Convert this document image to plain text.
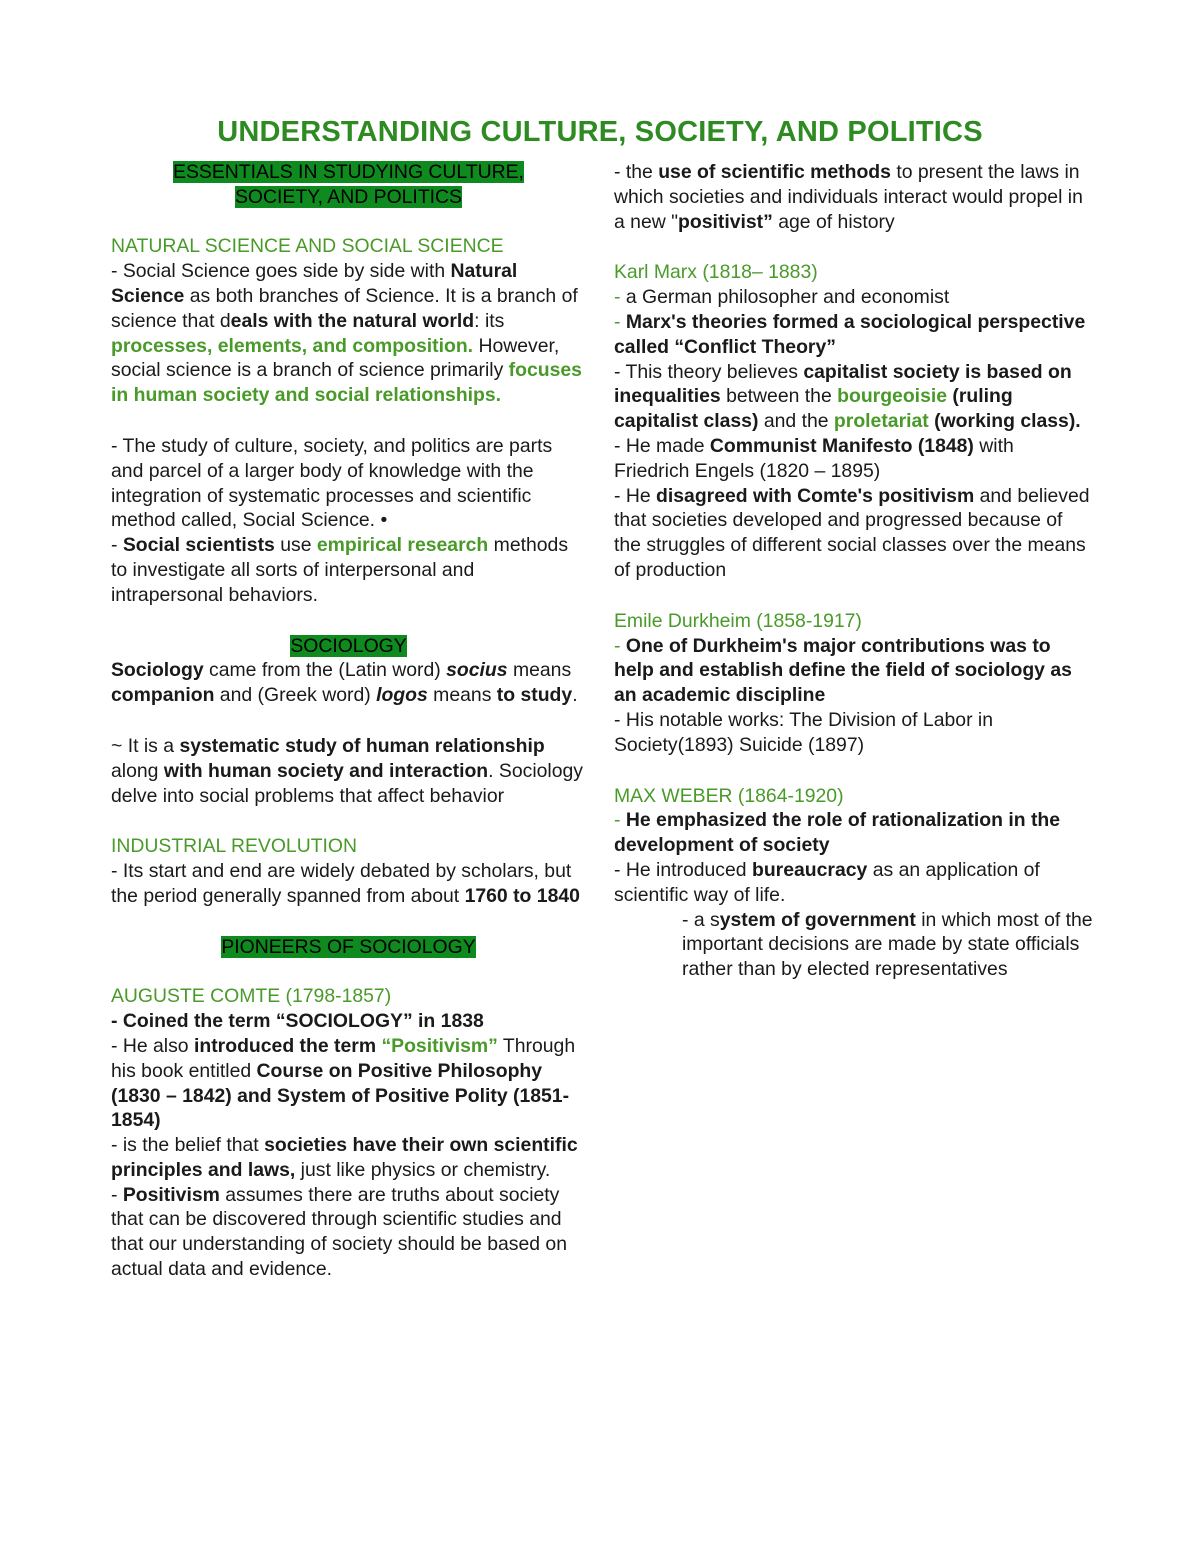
UNDERSTANDING CULTURE, SOCIETY, AND POLITICS
ESSENTIALS IN STUDYING CULTURE,
SOCIETY, AND POLITICS
NATURAL SCIENCE AND SOCIAL SCIENCE

- Social Science goes side by side with Natural Science as both branches of Science. It is a branch of science that deals with the natural world: its processes, elements, and composition. However, social science is a branch of science primarily focuses in human society and social relationships.

- The study of culture, society, and politics are parts and parcel of a larger body of knowledge with the integration of systematic processes and scientific method called, Social Science. •

- Social scientists use empirical research methods to investigate all sorts of interpersonal and intrapersonal behaviors.

SOCIOLOGY

Sociology came from the (Latin word) socius means companion and (Greek word) logos means to study.

~ It is a systematic study of human relationship along with human society and interaction. Sociology delve into social problems that affect behavior

INDUSTRIAL REVOLUTION

- Its start and end are widely debated by scholars, but the period generally spanned from about 1760 to 1840

PIONEERS OF SOCIOLOGY
AUGUSTE COMTE (1798-1857)

- Coined the term “SOCIOLOGY” in 1838

- He also introduced the term “Positivism” Through his book entitled Course on Positive Philosophy (1830 – 1842) and System of Positive Polity (1851-1854)

- is the belief that societies have their own scientific principles and laws, just like physics or chemistry.

- Positivism assumes there are truths about society that can be discovered through scientific studies and that our understanding of society should be based on actual data and evidence.

- the use of scientific methods to present the laws in which societies and individuals interact would propel in a new "positivist” age of history

Karl Marx (1818– 1883)

- a German philosopher and economist

- Marx's theories formed a sociological perspective called “Conflict Theory”

- This theory believes capitalist society is based on inequalities between the bourgeoisie (ruling capitalist class) and the proletariat (working class).

- He made Communist Manifesto (1848) with Friedrich Engels (1820 – 1895)

- He disagreed with Comte's positivism and believed that societies developed and progressed because of the struggles of different social classes over the means of production

Emile Durkheim (1858-1917)

- One of Durkheim's major contributions was to help and establish define the field of sociology as an academic discipline

- His notable works: The Division of Labor in Society(1893) Suicide (1897)

MAX WEBER (1864-1920)

- He emphasized the role of rationalization in the development of society

- He introduced bureaucracy as an application of scientific way of life.

- a system of government in which most of the important decisions are made by state officials rather than by elected representatives
